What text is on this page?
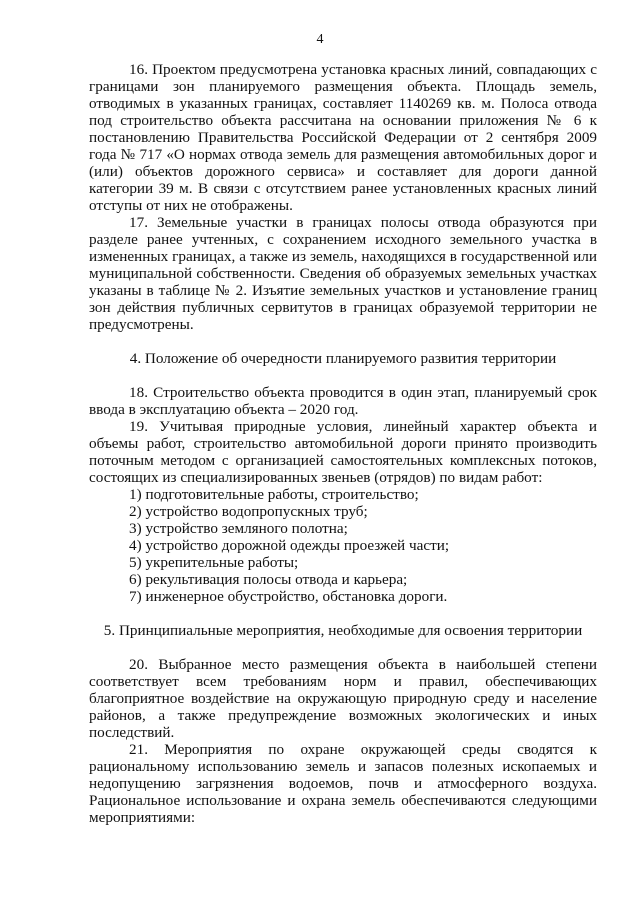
4

16. Проектом предусмотрена установка красных линий, совпадающих с границами зон планируемого размещения объекта. Площадь земель, отводимых в указанных границах, составляет 1140269 кв. м. Полоса отвода под строительство объекта рассчитана на основании приложения № 6 к постановлению Правительства Российской Федерации от 2 сентября 2009 года № 717 «О нормах отвода земель для размещения автомобильных дорог и (или) объектов дорожного сервиса» и составляет для дороги данной категории 39 м. В связи с отсутствием ранее установленных красных линий отступы от них не отображены.

17. Земельные участки в границах полосы отвода образуются при разделе ранее учтенных, с сохранением исходного земельного участка в измененных границах, а также из земель, находящихся в государственной или муниципальной собственности. Сведения об образуемых земельных участках указаны в таблице № 2. Изъятие земельных участков и установление границ зон действия публичных сервитутов в границах образуемой территории не предусмотрены.

4. Положение об очередности планируемого развития территории

18. Строительство объекта проводится в один этап, планируемый срок ввода в эксплуатацию объекта – 2020 год.

19. Учитывая природные условия, линейный характер объекта и объемы работ, строительство автомобильной дороги принято производить поточным методом с организацией самостоятельных комплексных потоков, состоящих из специализированных звеньев (отрядов) по видам работ:

1) подготовительные работы, строительство;

2) устройство водопропускных труб;

3) устройство земляного полотна;

4) устройство дорожной одежды проезжей части;

5) укрепительные работы;

6) рекультивация полосы отвода и карьера;

7) инженерное обустройство, обстановка дороги.

5. Принципиальные мероприятия, необходимые для освоения территории

20. Выбранное место размещения объекта в наибольшей степени соответствует всем требованиям норм и правил, обеспечивающих благоприятное воздействие на окружающую природную среду и население районов, а также предупреждение возможных экологических и иных последствий.

21. Мероприятия по охране окружающей среды сводятся к рациональному использованию земель и запасов полезных ископаемых и недопущению загрязнения водоемов, почв и атмосферного воздуха. Рациональное использование и охрана земель обеспечиваются следующими мероприятиями:
